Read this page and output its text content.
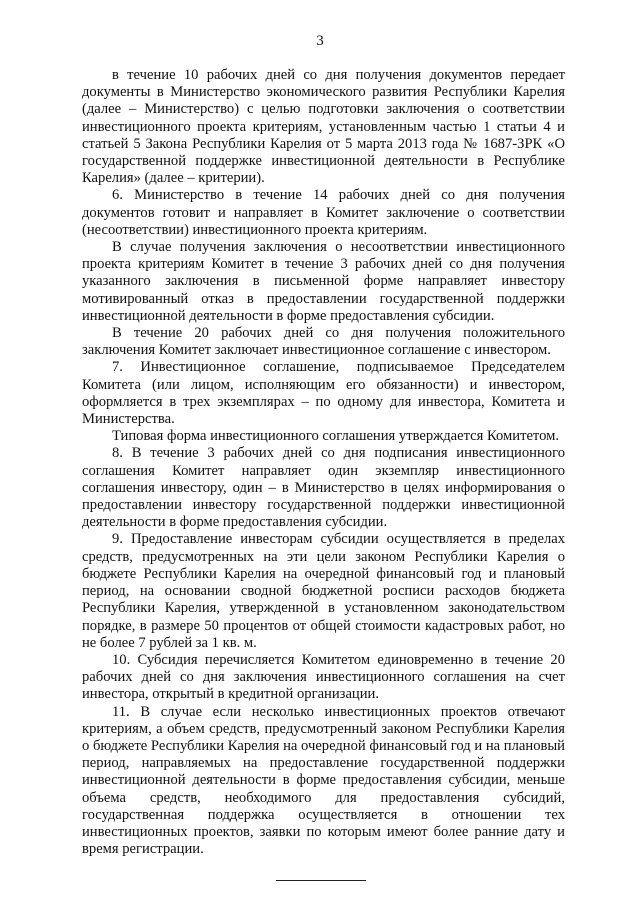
3

в течение 10 рабочих дней со дня получения документов передает документы в Министерство экономического развития Республики Карелия (далее – Министерство) с целью подготовки заключения о соответствии инвестиционного проекта критериям, установленным частью 1 статьи 4 и статьей 5 Закона Республики Карелия от 5 марта 2013 года № 1687-ЗРК «О государственной поддержке инвестиционной деятельности в Республике Карелия» (далее – критерии).

6. Министерство в течение 14 рабочих дней со дня получения документов готовит и направляет в Комитет заключение о соответствии (несоответствии) инвестиционного проекта критериям.

В случае получения заключения о несоответствии инвестиционного проекта критериям Комитет в течение 3 рабочих дней со дня получения указанного заключения в письменной форме направляет инвестору мотивированный отказ в предоставлении государственной поддержки инвестиционной деятельности в форме предоставления субсидии.

В течение 20 рабочих дней со дня получения положительного заключения Комитет заключает инвестиционное соглашение с инвестором.

7. Инвестиционное соглашение, подписываемое Председателем Комитета (или лицом, исполняющим его обязанности) и инвестором, оформляется в трех экземплярах – по одному для инвестора, Комитета и Министерства.

Типовая форма инвестиционного соглашения утверждается Комитетом.

8. В течение 3 рабочих дней со дня подписания инвестиционного соглашения Комитет направляет один экземпляр инвестиционного соглашения инвестору, один – в Министерство в целях информирования о предоставлении инвестору государственной поддержки инвестиционной деятельности в форме предоставления субсидии.

9. Предоставление инвесторам субсидии осуществляется в пределах средств, предусмотренных на эти цели законом Республики Карелия о бюджете Республики Карелия на очередной финансовый год и плановый период, на основании сводной бюджетной росписи расходов бюджета Республики Карелия, утвержденной в установленном законодательством порядке, в размере 50 процентов от общей стоимости кадастровых работ, но не более 7 рублей за 1 кв. м.

10. Субсидия перечисляется Комитетом единовременно в течение 20 рабочих дней со дня заключения инвестиционного соглашения на счет инвестора, открытый в кредитной организации.

11. В случае если несколько инвестиционных проектов отвечают критериям, а объем средств, предусмотренный законом Республики Карелия о бюджете Республики Карелия на очередной финансовый год и на плановый период, направляемых на предоставление государственной поддержки инвестиционной деятельности в форме предоставления субсидии, меньше объема средств, необходимого для предоставления субсидий, государственная поддержка осуществляется в отношении тех инвестиционных проектов, заявки по которым имеют более ранние дату и время регистрации.
